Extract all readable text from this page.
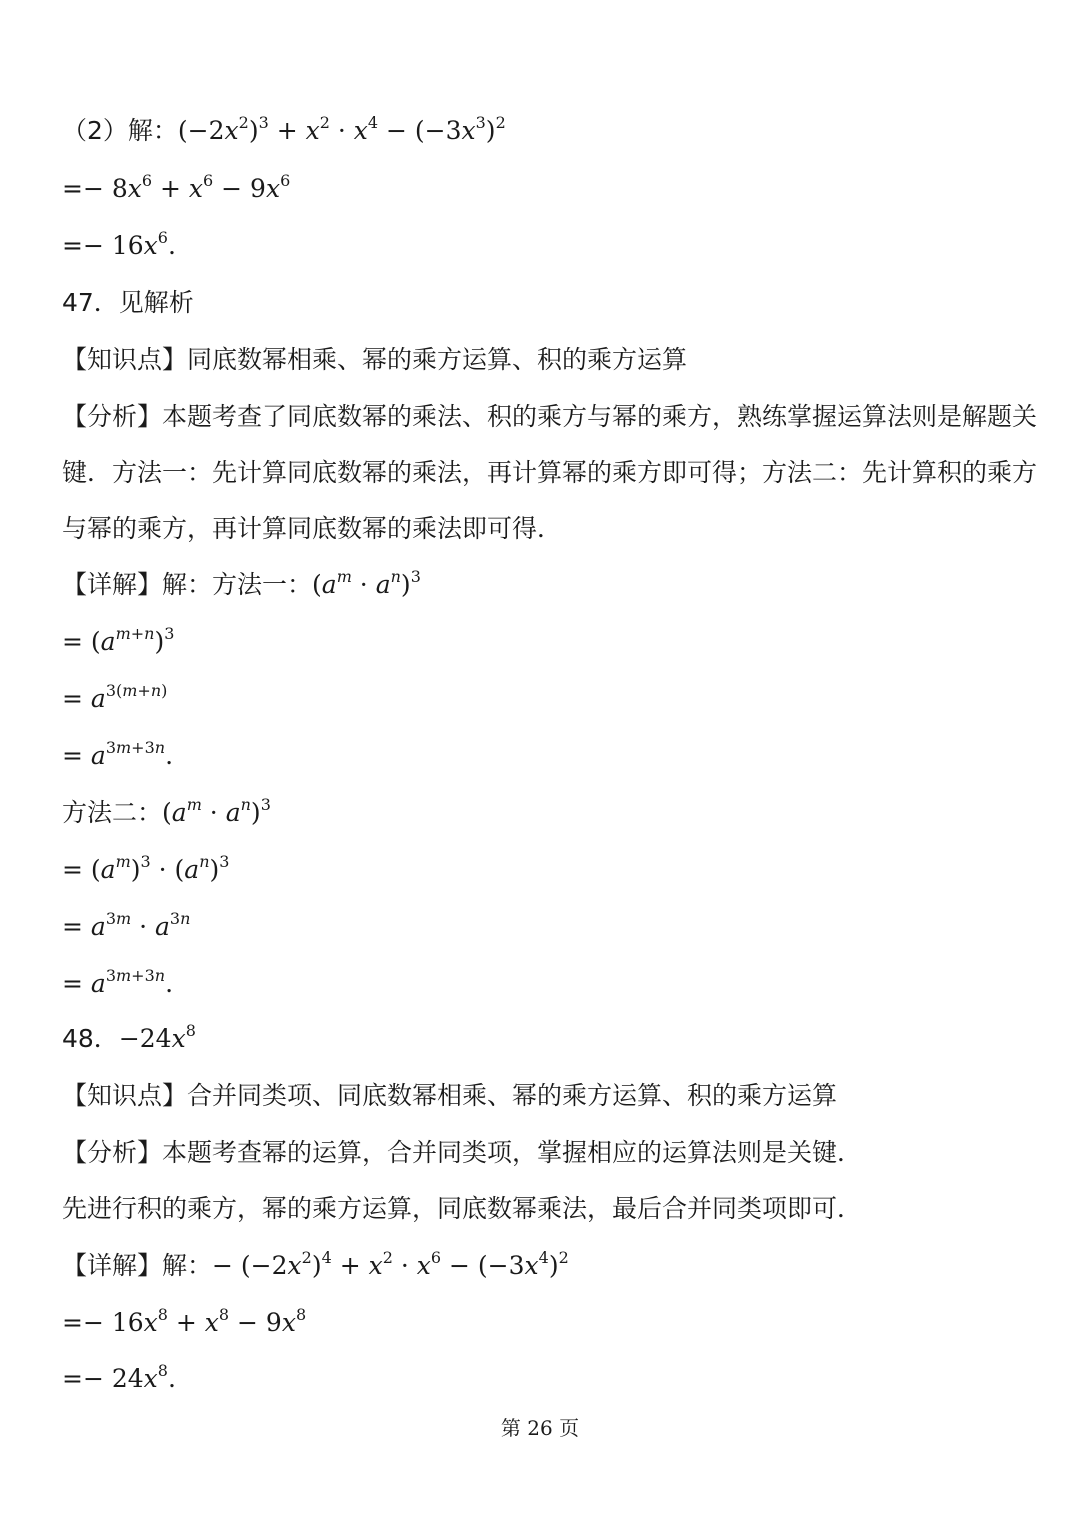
（2）解：$(-2x^2)^3 + x^2 \cdot x^4 - (-3x^3)^2$
=− $8x^6 + x^6 - 9x^6$
=− $16x^6$.
47．见解析
【知识点】同底数幂相乘、幂的乘方运算、积的乘方运算
【分析】本题考查了同底数幂的乘法、积的乘方与幂的乘方，熟练掌握运算法则是解题关键．方法一：先计算同底数幂的乘法，再计算幂的乘方即可得；方法二：先计算积的乘方与幂的乘方，再计算同底数幂的乘法即可得．
【详解】解：方法一：$(a^m \cdot a^n)^3$
= $(a^{m+n})^3$
= $a^{3(m+n)}$
= $a^{3m+3n}$.
方法二：$(a^m \cdot a^n)^3$
= $(a^m)^3 \cdot (a^n)^3$
= $a^{3m} \cdot a^{3n}$
= $a^{3m+3n}$.
48．$-24x^8$
【知识点】合并同类项、同底数幂相乘、幂的乘方运算、积的乘方运算
【分析】本题考查幂的运算，合并同类项，掌握相应的运算法则是关键．
先进行积的乘方，幂的乘方运算，同底数幂乘法，最后合并同类项即可．
【详解】解：− $(-2x^2)^4 + x^2 \cdot x^6 - (-3x^4)^2$
=− $16x^8 + x^8 - 9x^8$
=− $24x^8$.
第 26 页
